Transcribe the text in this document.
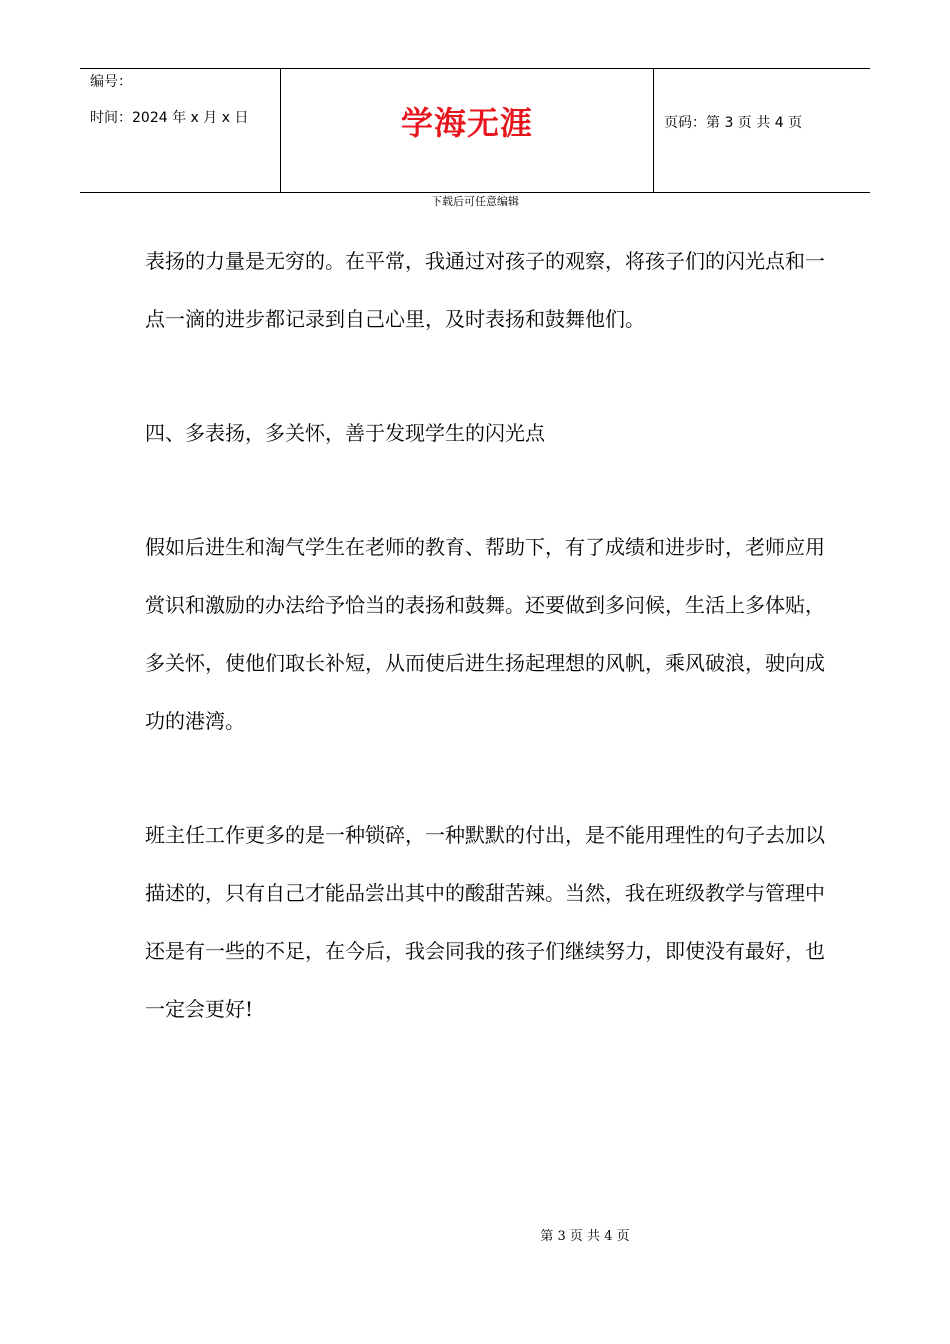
编号：
时间：2024 年 x 月 x 日	学海无涯	页码：第 3 页 共 4 页
下载后可任意编辑

表扬的力量是无穷的。在平常，我通过对孩子的观察，将孩子们的闪光点和一点一滴的进步都记录到自己心里，及时表扬和鼓舞他们。

四、多表扬，多关怀，善于发现学生的闪光点

假如后进生和淘气学生在老师的教育、帮助下，有了成绩和进步时，老师应用赏识和激励的办法给予恰当的表扬和鼓舞。还要做到多问候，生活上多体贴，多关怀，使他们取长补短，从而使后进生扬起理想的风帆，乘风破浪，驶向成功的港湾。

班主任工作更多的是一种锁碎，一种默默的付出，是不能用理性的句子去加以描述的，只有自己才能品尝出其中的酸甜苦辣。当然，我在班级教学与管理中还是有一些的不足，在今后，我会同我的孩子们继续努力，即使没有最好，也一定会更好!

第 3 页 共 4 页
